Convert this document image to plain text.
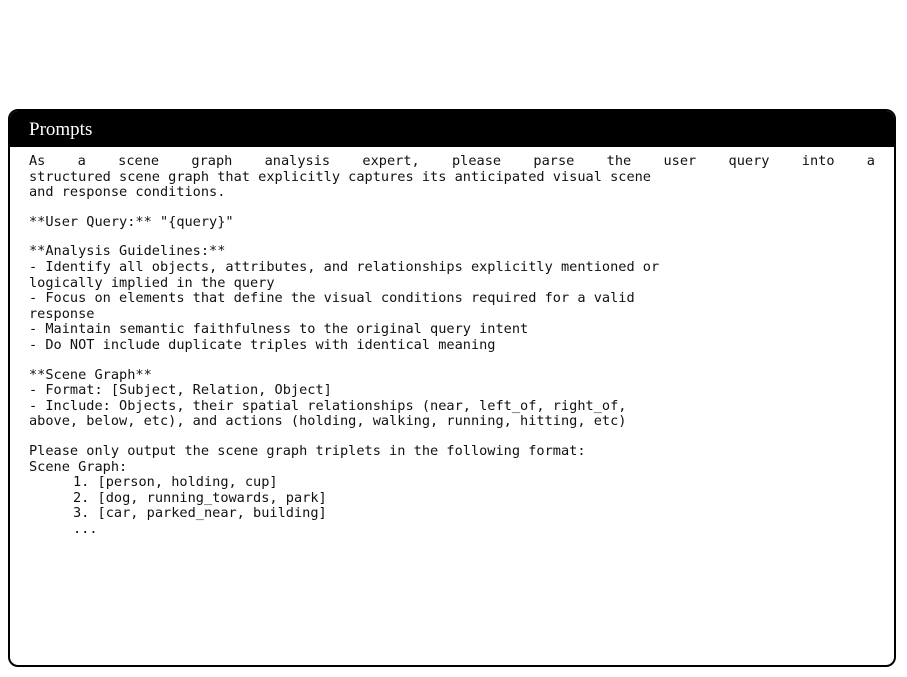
Prompts
As a scene graph analysis expert, please parse the user query into a
structured scene graph that explicitly captures its anticipated visual scene
and response conditions.
**User Query:** "{query}"
**Analysis Guidelines:**
- Identify all objects, attributes, and relationships explicitly mentioned or
logically implied in the query
- Focus on elements that define the visual conditions required for a valid
response
- Maintain semantic faithfulness to the original query intent
- Do NOT include duplicate triples with identical meaning
**Scene Graph**
- Format: [Subject, Relation, Object]
- Include: Objects, their spatial relationships (near, left_of, right_of,
above, below, etc), and actions (holding, walking, running, hitting, etc)
Please only output the scene graph triplets in the following format:
Scene Graph:
1. [person, holding, cup]
2. [dog, running_towards, park]
3. [car, parked_near, building]
...
